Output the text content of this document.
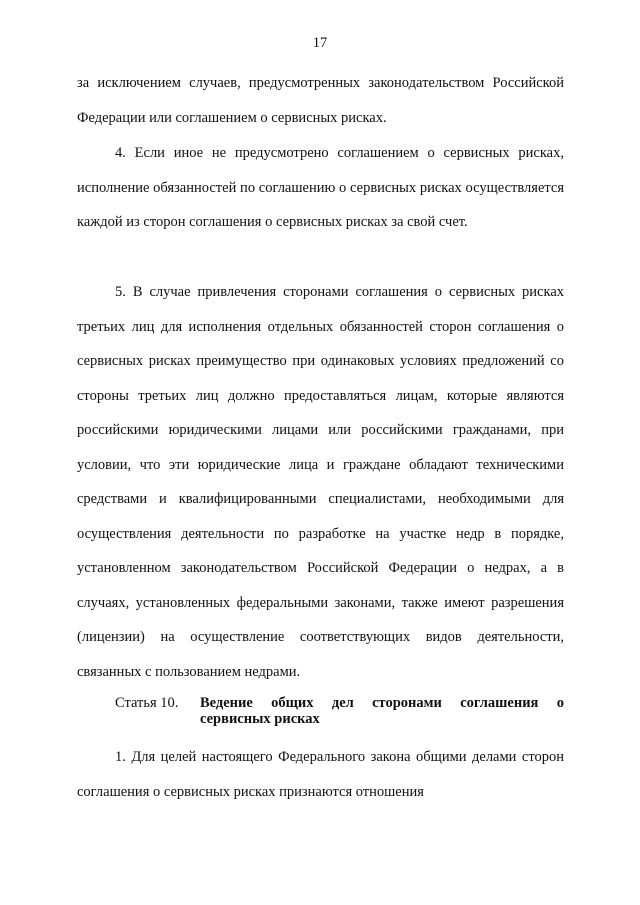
17

за исключением случаев, предусмотренных законодательством Российской Федерации или соглашением о сервисных рисках.

4. Если иное не предусмотрено соглашением о сервисных рисках, исполнение обязанностей по соглашению о сервисных рисках осуществляется каждой из сторон соглашения о сервисных рисках за свой счет.

5. В случае привлечения сторонами соглашения о сервисных рисках третьих лиц для исполнения отдельных обязанностей сторон соглашения о сервисных рисках преимущество при одинаковых условиях предложений со стороны третьих лиц должно предоставляться лицам, которые являются российскими юридическими лицами или российскими гражданами, при условии, что эти юридические лица и граждане обладают техническими средствами и квалифицированными специалистами, необходимыми для осуществления деятельности по разработке на участке недр в порядке, установленном законодательством Российской Федерации о недрах, а в случаях, установленных федеральными законами, также имеют разрешения (лицензии) на осуществление соответствующих видов деятельности, связанных с пользованием недрами.

Статья 10.	Ведение общих дел сторонами соглашения о сервисных рисках

1. Для целей настоящего Федерального закона общими делами сторон соглашения о сервисных рисках признаются отношения
